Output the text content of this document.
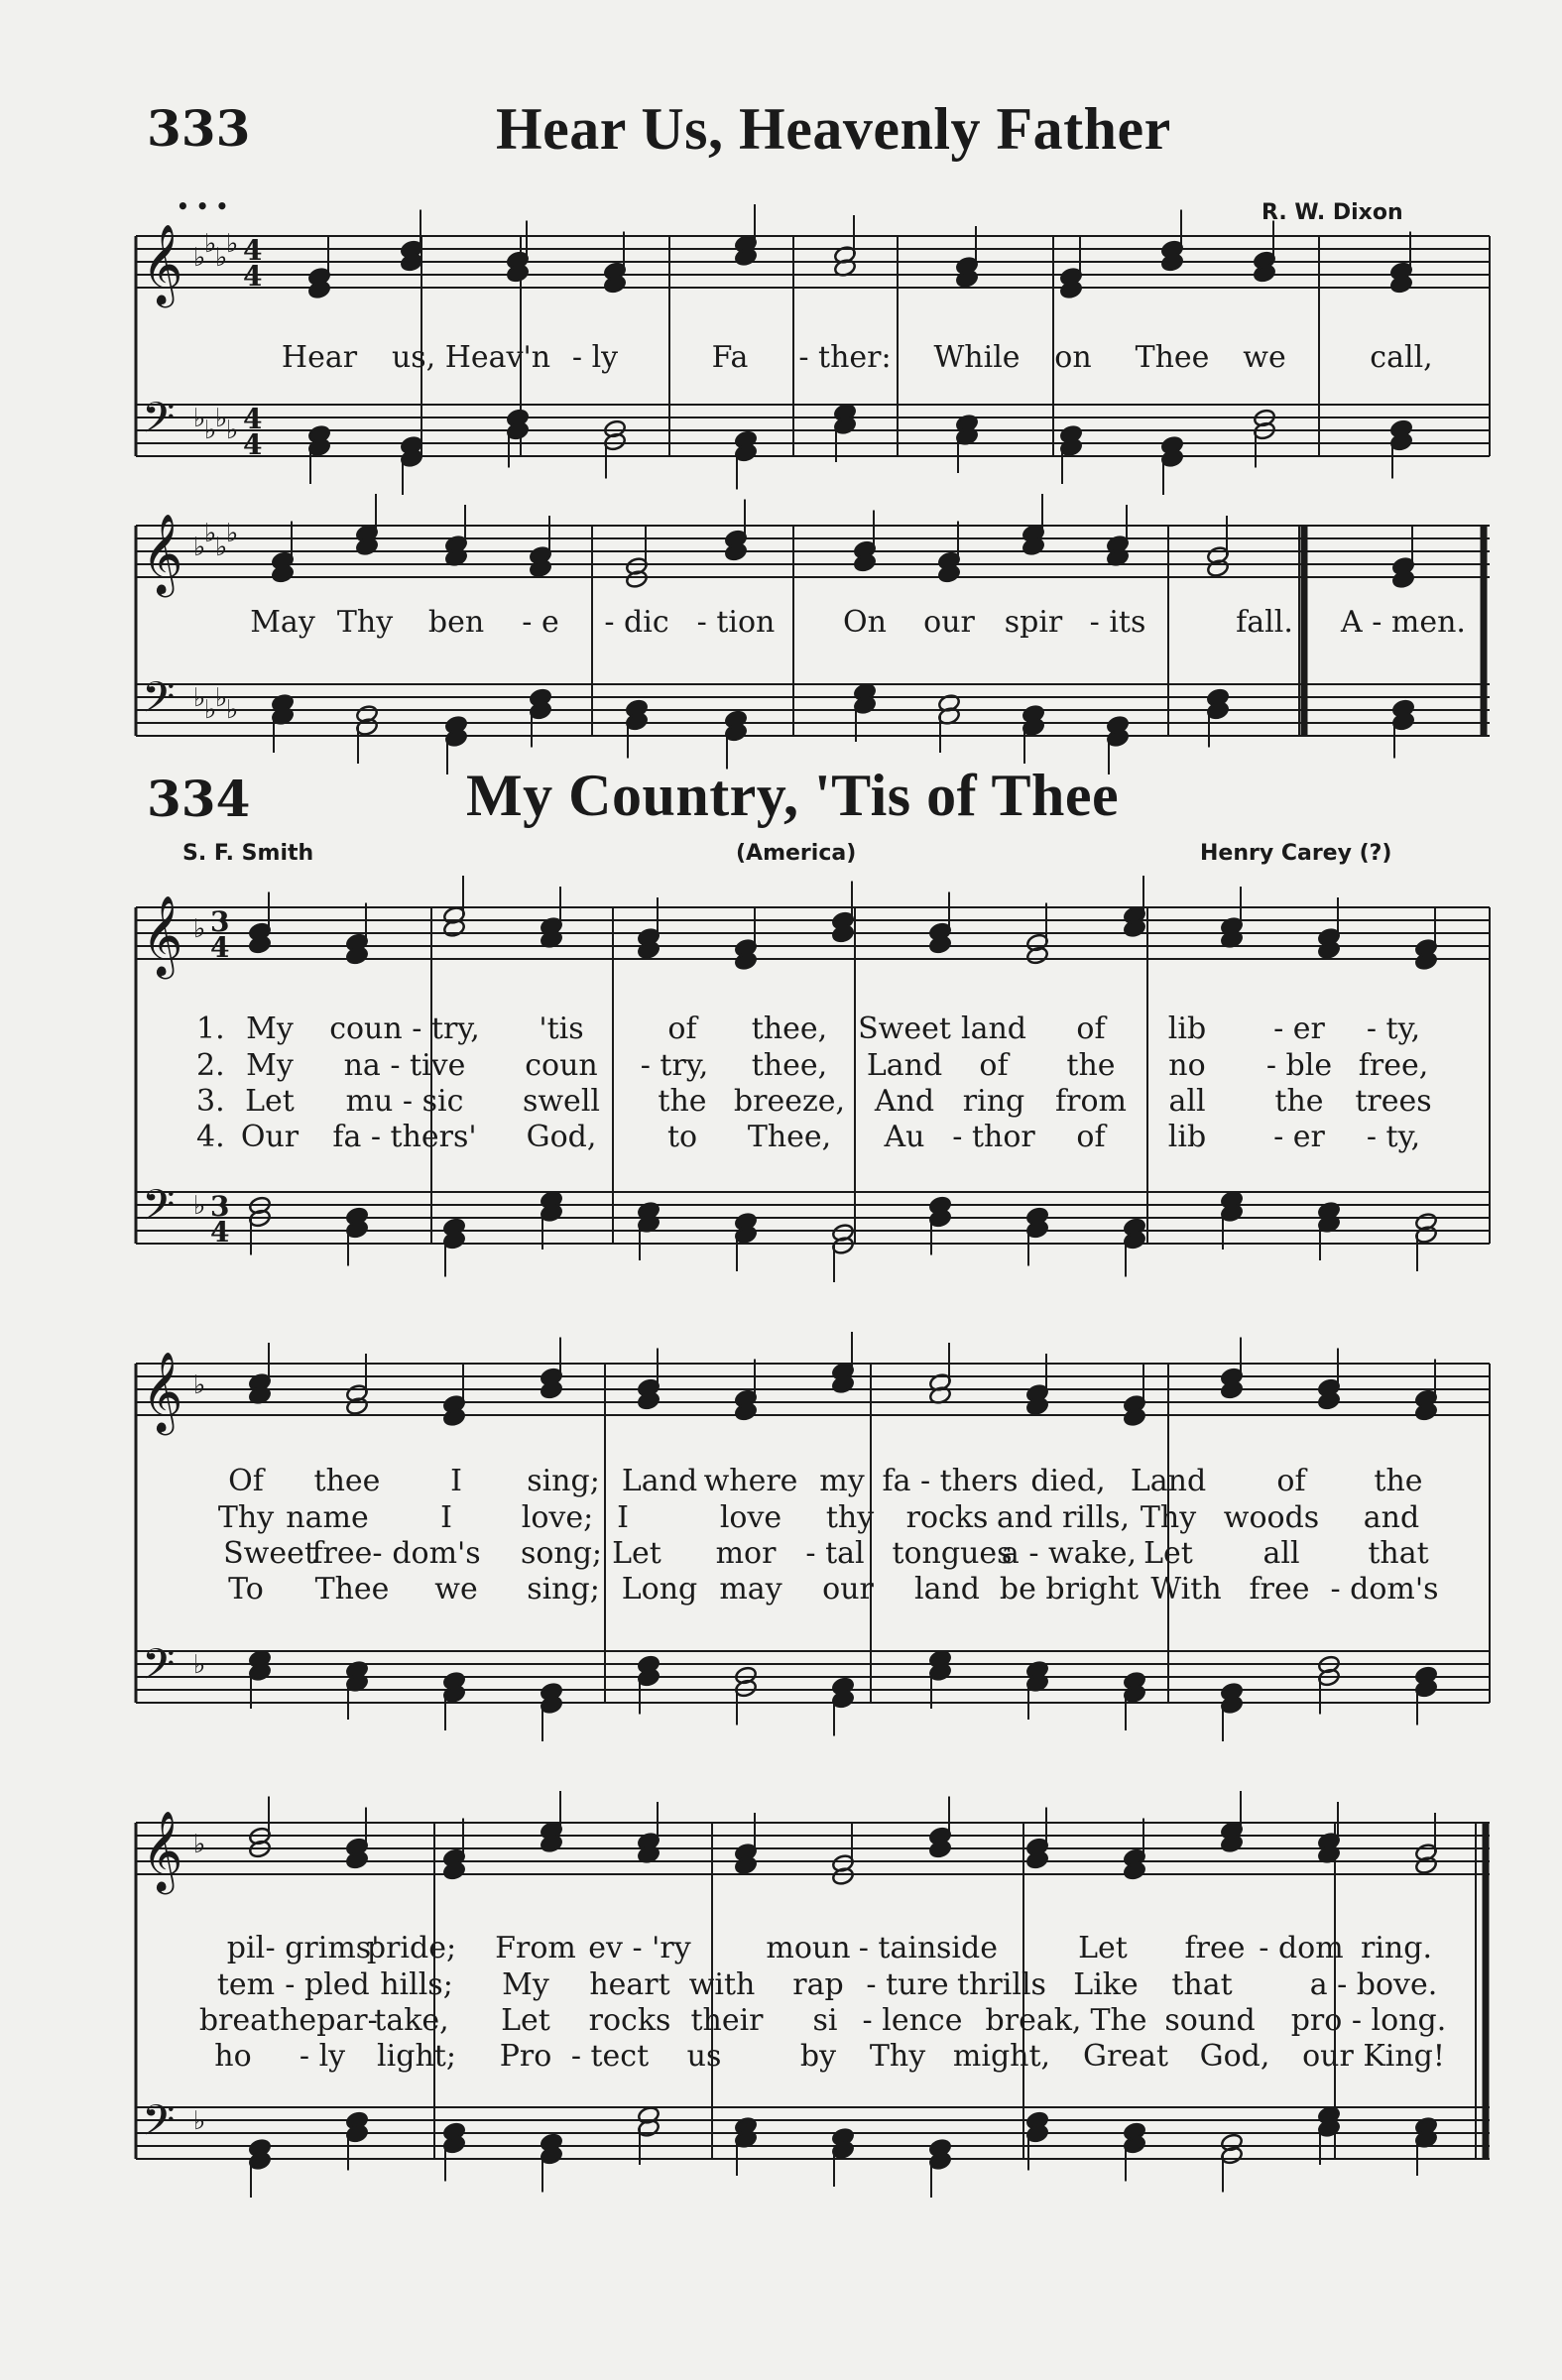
𝄞 ♭
♭
♭
♭ 4
4
𝄢 ♭
♭
♭
♭ 4
4
𝄞 ♭
♭
♭
♭
𝄢 ♭
♭
♭
♭
𝄞 ♭ 3
4
𝄢 ♭ 3
4
𝄞 ♭
𝄢 ♭
𝄞 ♭
𝄢 ♭
333	Hear Us, Heavenly Father
• • •	R. W. Dixon
334	My Country, 'Tis of Thee
S. F. Smith	(America)	Henry Carey (?)
Hear us, Heav'n - ly	Fa - ther: While on Thee we	call,
May Thy ben - e - dic - tion On our spir - its	fall. A - men.
1. My coun - try, 'tis	of thee, Sweet land of lib - er - ty,
2. My na - tive coun - try, thee, Land of the no - ble free,
3. Let mu - sic swell the breeze, And ring from all the trees
4. Our fa - thers' God, to Thee, Au - thor of lib - er - ty,
Of thee I sing; Land where my fa - thers died, Land of the
Thy name I love; I	love thy rocks and rills, Thy woods and
Sweet
free- dom's song; Let mor - tal tongues
a - wake, Let all that
To Thee we sing; Long may our land be bright With free - dom's
pil - grims'
pride; From ev - 'ry	moun - tain side	Let free - dom ring.
tem - pled hills; My heart with rap - ture thrills Like that	a - bove.
breathe par-
take, Let rocks their si - lence break, The sound pro - long.
ho - ly light; Pro - tect us	by Thy might, Great God, our King!
